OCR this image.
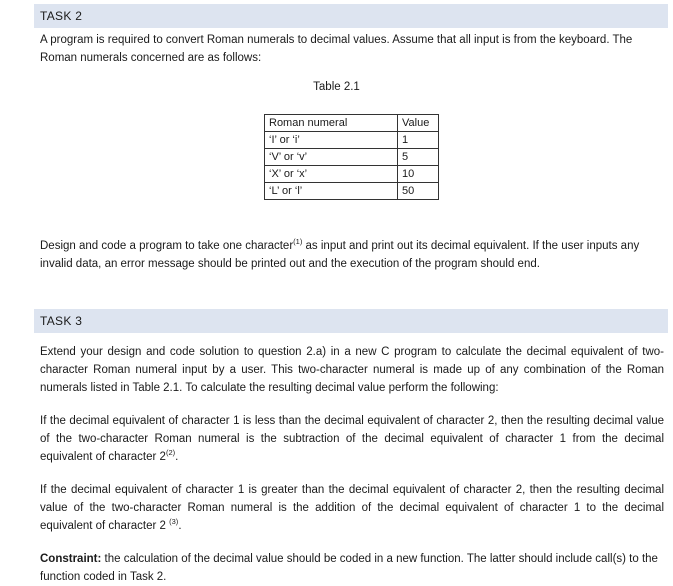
TASK 2

A program is required to convert Roman numerals to decimal values. Assume that all input is from the keyboard. The Roman numerals concerned are as follows:

Table 2.1
Roman numeral	Value
‘I’ or ‘i’	1
‘V’ or ‘v’	5
‘X’ or ‘x’	10
‘L’ or ‘l’	50

Design and code a program to take one character$^{(1)}$ as input and print out its decimal equivalent. If the user inputs any invalid data, an error message should be printed out and the execution of the program should end.

TASK 3

Extend your design and code solution to question 2.a) in a new C program to calculate the decimal equivalent of two-character Roman numeral input by a user. This two-character numeral is made up of any combination of the Roman numerals listed in Table 2.1. To calculate the resulting decimal value perform the following:

If the decimal equivalent of character 1 is less than the decimal equivalent of character 2, then the resulting decimal value of the two-character Roman numeral is the subtraction of the decimal equivalent of character 1 from the decimal equivalent of character 2$^{(2)}$.

If the decimal equivalent of character 1 is greater than the decimal equivalent of character 2, then the resulting decimal value of the two-character Roman numeral is the addition of the decimal equivalent of character 1 to the decimal equivalent of character 2 $^{(3)}$.

Constraint: the calculation of the decimal value should be coded in a new function. The latter should include call(s) to the function coded in Task 2.
